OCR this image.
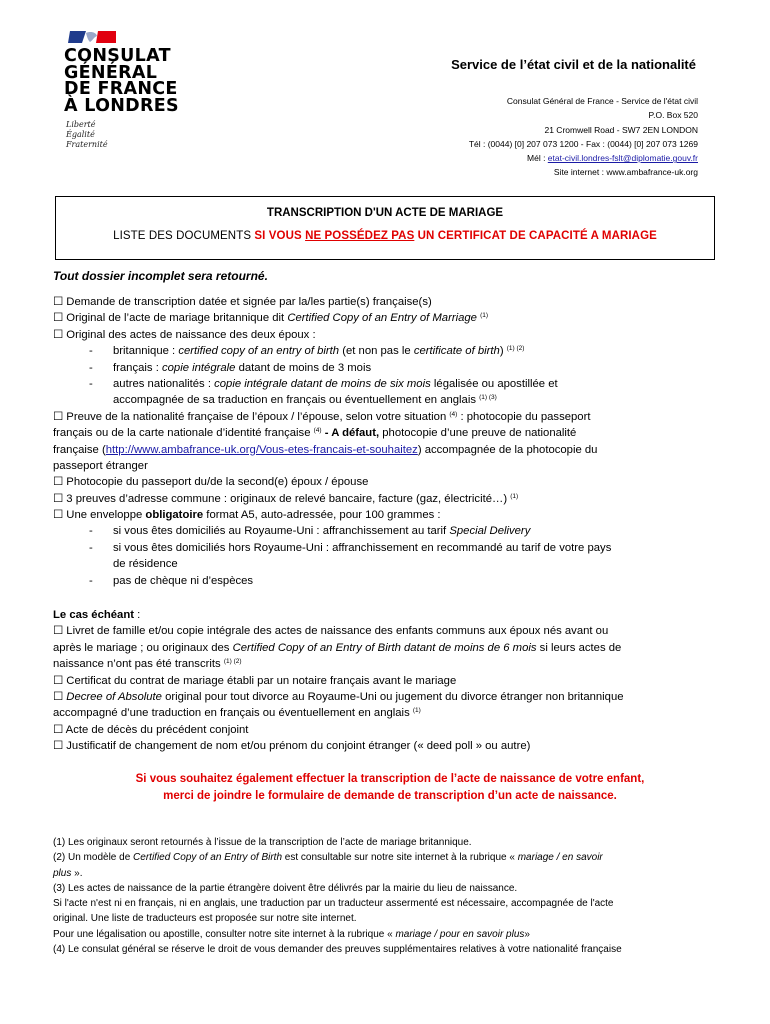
CONSULAT
GÉNÉRAL
DE FRANCE
À LONDRES
Liberté
Égalité
Fraternité
Service de l’état civil et de la nationalité
Consulat Général de France - Service de l'état civil
P.O. Box 520
21 Cromwell Road - SW7 2EN LONDON
Tél : (0044) [0] 207 073 1200 - Fax : (0044) [0] 207 073 1269
Mél : etat-civil.londres-fslt@diplomatie.gouv.fr
Site internet : www.ambafrance-uk.org
TRANSCRIPTION D'UN ACTE DE MARIAGE
LISTE DES DOCUMENTS SI VOUS NE POSSÉDEZ PAS UN CERTIFICAT DE CAPACITÉ A MARIAGE
Tout dossier incomplet sera retourné.
☐ Demande de transcription datée et signée par la/les partie(s) française(s)
☐ Original de l’acte de mariage britannique dit Certified Copy of an Entry of Marriage $^{(1)}$
☐ Original des actes de naissance des deux époux :
- britannique : certified copy of an entry of birth (et non pas le certificate of birth) $^{(1) (2)}$
- français : copie intégrale datant de moins de 3 mois
- autres nationalités : copie intégrale datant de moins de six mois légalisée ou apostillée et
accompagnée de sa traduction en français ou éventuellement en anglais $^{(1) (3)}$
☐ Preuve de la nationalité française de l’époux / l’épouse, selon votre situation $^{(4)}$ : photocopie du passeport
français ou de la carte nationale d’identité française $^{(4)}$ - A défaut, photocopie d’une preuve de nationalité
française (http://www.ambafrance-uk.org/Vous-etes-francais-et-souhaitez) accompagnée de la photocopie du
passeport étranger
☐ Photocopie du passeport du/de la second(e) époux / épouse
☐ 3 preuves d’adresse commune : originaux de relevé bancaire, facture (gaz, électricité…) $^{(1)}$
☐ Une enveloppe obligatoire format A5, auto-adressée, pour 100 grammes :
- si vous êtes domiciliés au Royaume-Uni : affranchissement au tarif Special Delivery
- si vous êtes domiciliés hors Royaume-Uni : affranchissement en recommandé au tarif de votre pays
de résidence
- pas de chèque ni d’espèces
Le cas échéant :
☐ Livret de famille et/ou copie intégrale des actes de naissance des enfants communs aux époux nés avant ou
après le mariage ; ou originaux des Certified Copy of an Entry of Birth datant de moins de 6 mois si leurs actes de
naissance n’ont pas été transcrits $^{(1) (2)}$
☐ Certificat du contrat de mariage établi par un notaire français avant le mariage
☐ Decree of Absolute original pour tout divorce au Royaume-Uni ou jugement du divorce étranger non britannique
accompagné d’une traduction en français ou éventuellement en anglais $^{(1)}$
☐ Acte de décès du précédent conjoint
☐ Justificatif de changement de nom et/ou prénom du conjoint étranger (« deed poll » ou autre)
Si vous souhaitez également effectuer la transcription de l’acte de naissance de votre enfant,
merci de joindre le formulaire de demande de transcription d’un acte de naissance.
(1) Les originaux seront retournés à l’issue de la transcription de l’acte de mariage britannique.
(2) Un modèle de Certified Copy of an Entry of Birth est consultable sur notre site internet à la rubrique « mariage / en savoir
plus ».
(3) Les actes de naissance de la partie étrangère doivent être délivrés par la mairie du lieu de naissance.
Si l'acte n'est ni en français, ni en anglais, une traduction par un traducteur assermenté est nécessaire, accompagnée de l'acte
original. Une liste de traducteurs est proposée sur notre site internet.
Pour une légalisation ou apostille, consulter notre site internet à la rubrique « mariage / pour en savoir plus»
(4) Le consulat général se réserve le droit de vous demander des preuves supplémentaires relatives à votre nationalité française
